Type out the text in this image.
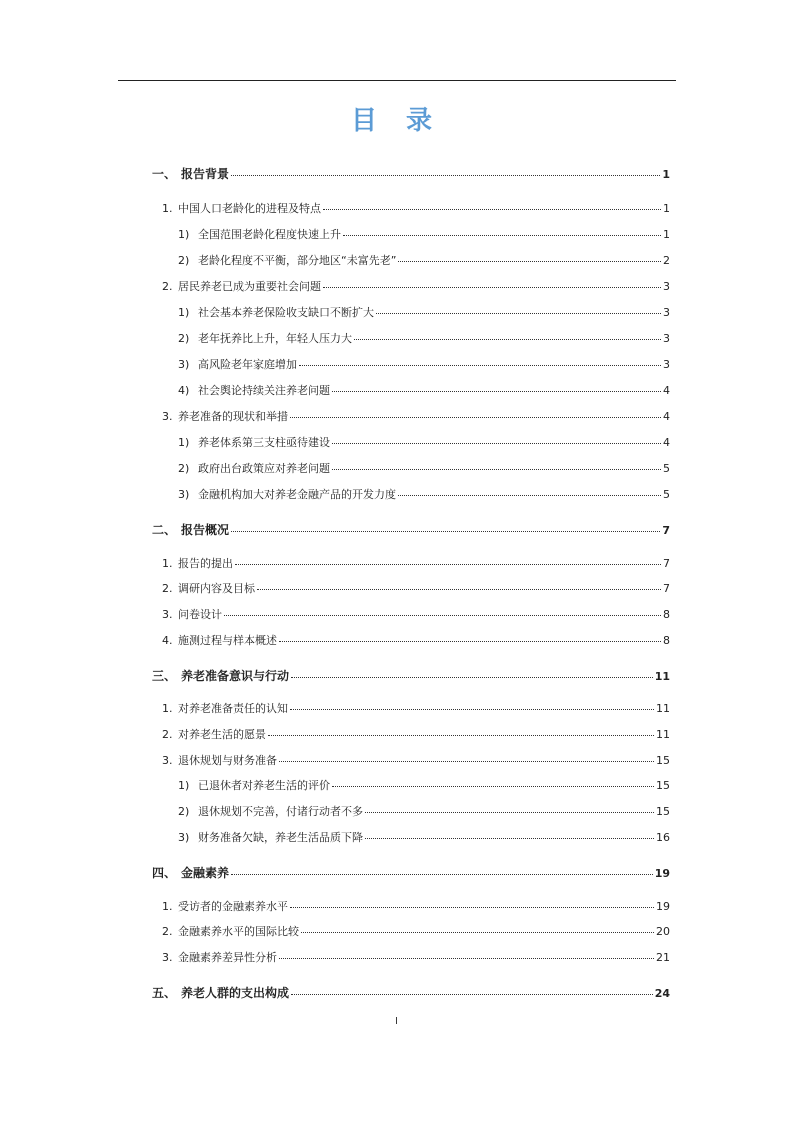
目 录
一、 报告背景	1
1. 中国人口老龄化的进程及特点	1
1) 全国范围老龄化程度快速上升	1
2) 老龄化程度不平衡，部分地区“未富先老”	2
2. 居民养老已成为重要社会问题	3
1) 社会基本养老保险收支缺口不断扩大	3
2) 老年抚养比上升，年轻人压力大	3
3) 高风险老年家庭增加	3
4) 社会舆论持续关注养老问题	4
3. 养老准备的现状和举措	4
1) 养老体系第三支柱亟待建设	4
2) 政府出台政策应对养老问题	5
3) 金融机构加大对养老金融产品的开发力度	5
二、 报告概况	7
1. 报告的提出	7
2. 调研内容及目标	7
3. 问卷设计	8
4. 施测过程与样本概述	8
三、 养老准备意识与行动	11
1. 对养老准备责任的认知	11
2. 对养老生活的愿景	11
3. 退休规划与财务准备	15
1) 已退休者对养老生活的评价	15
2) 退休规划不完善，付诸行动者不多	15
3) 财务准备欠缺，养老生活品质下降	16
四、 金融素养	19
1. 受访者的金融素养水平	19
2. 金融素养水平的国际比较	20
3. 金融素养差异性分析	21
五、 养老人群的支出构成	24
I
